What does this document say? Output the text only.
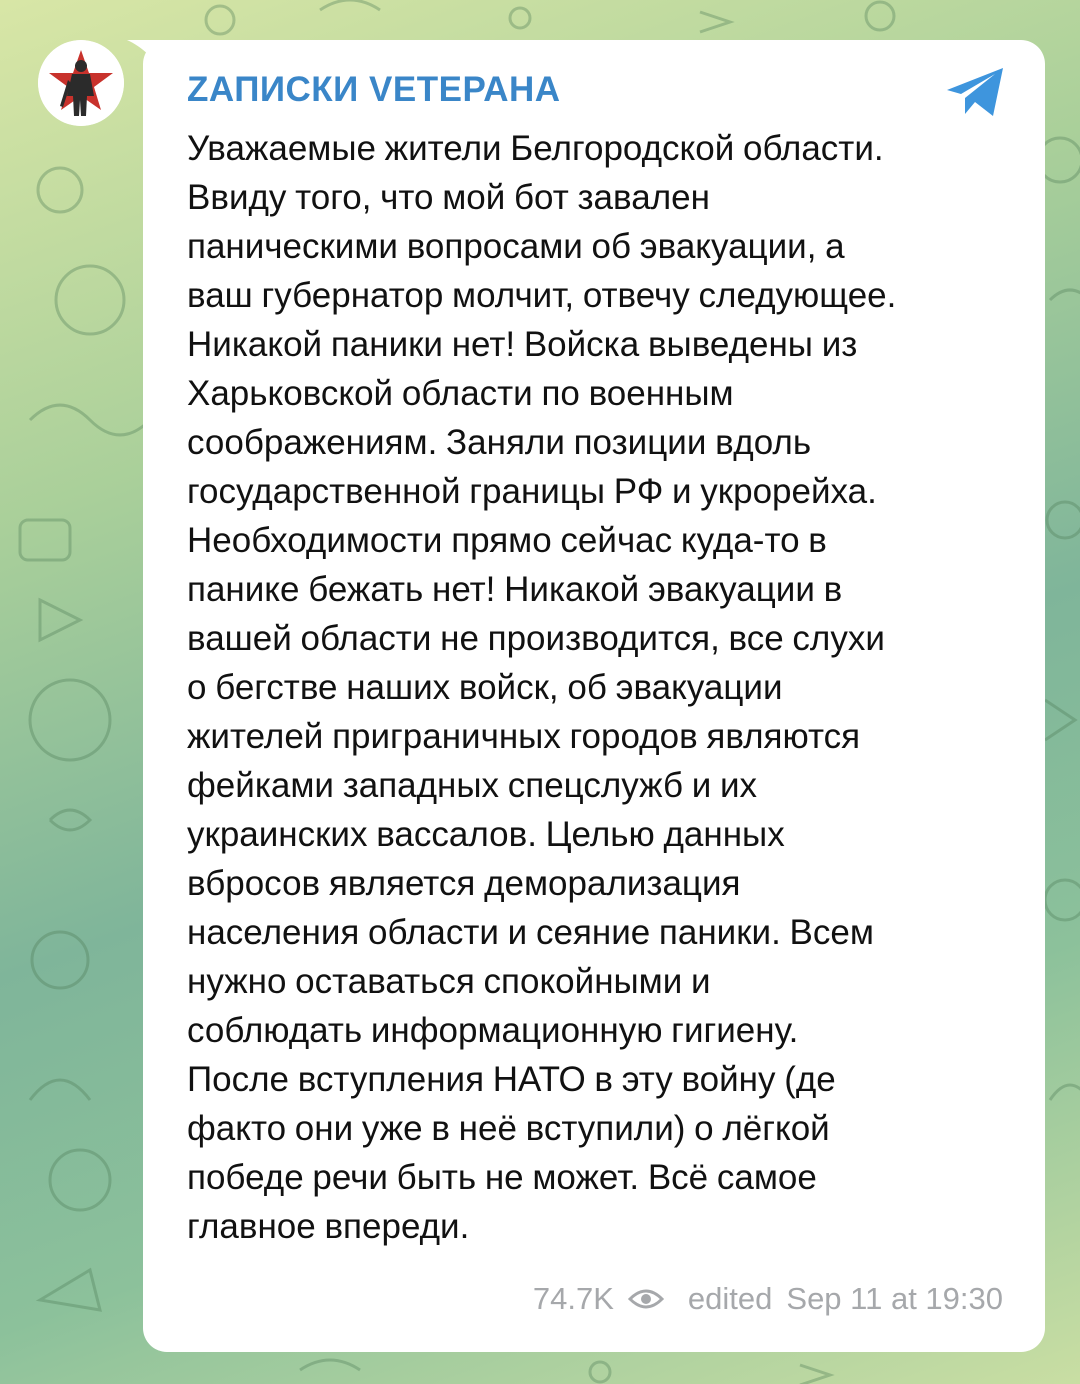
ZАПИСКИ VЕТЕРАНА
Уважаемые жители Белгородской области.
Ввиду того, что мой бот завален
паническими вопросами об эвакуации, а
ваш губернатор молчит, отвечу следующее.
Никакой паники нет! Войска выведены из
Харьковской области по военным
соображениям. Заняли позиции вдоль
государственной границы РФ и укрорейха.
Необходимости прямо сейчас куда-то в
панике бежать нет! Никакой эвакуации в
вашей области не производится, все слухи
о бегстве наших войск, об эвакуации
жителей приграничных городов являются
фейками западных спецслужб и их
украинских вассалов. Целью данных
вбросов является деморализация
населения области и сеяние паники. Всем
нужно оставаться спокойными и
соблюдать информационную гигиену.
После вступления НАТО в эту войну (де
факто они уже в неё вступили) о лёгкой
победе речи быть не может. Всё самое
главное впереди.
74.7K edited Sep 11 at 19:30
